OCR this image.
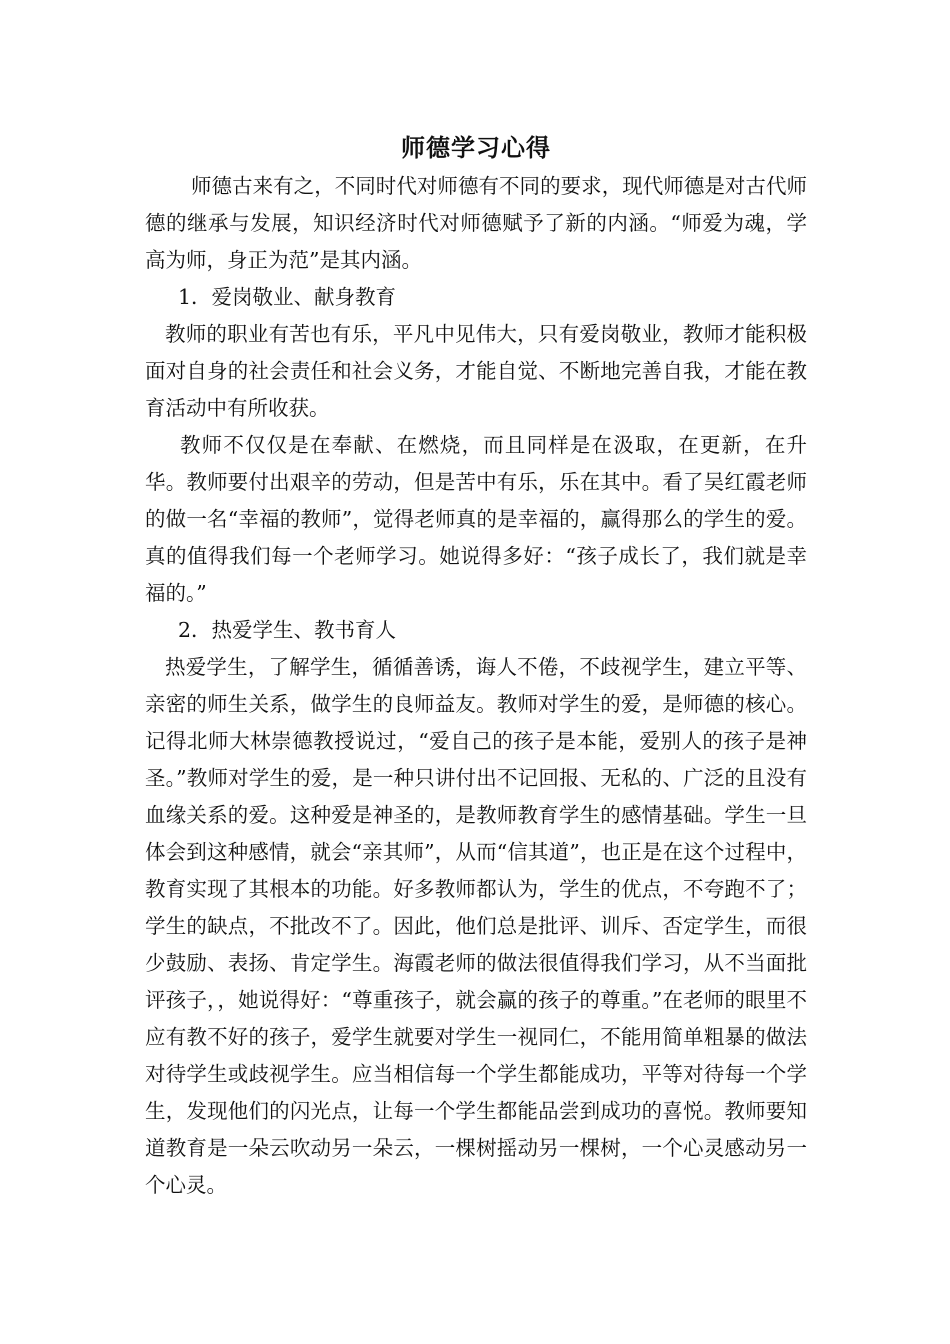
师德学习心得

师德古来有之，不同时代对师德有不同的要求，现代师德是对古代师德的继承与发展，知识经济时代对师德赋予了新的内涵。“师爱为魂，学高为师，身正为范”是其内涵。

1．爱岗敬业、献身教育

教师的职业有苦也有乐，平凡中见伟大，只有爱岗敬业，教师才能积极面对自身的社会责任和社会义务，才能自觉、不断地完善自我，才能在教育活动中有所收获。

教师不仅仅是在奉献、在燃烧，而且同样是在汲取，在更新，在升华。教师要付出艰辛的劳动，但是苦中有乐，乐在其中。看了吴红霞老师的做一名“幸福的教师”，觉得老师真的是幸福的，赢得那么的学生的爱。真的值得我们每一个老师学习。她说得多好：“孩子成长了，我们就是幸福的。”

2．热爱学生、教书育人

热爱学生，了解学生，循循善诱，诲人不倦，不歧视学生，建立平等、亲密的师生关系，做学生的良师益友。教师对学生的爱，是师德的核心。记得北师大林崇德教授说过，“爱自己的孩子是本能，爱别人的孩子是神圣。”教师对学生的爱，是一种只讲付出不记回报、无私的、广泛的且没有血缘关系的爱。这种爱是神圣的，是教师教育学生的感情基础。学生一旦体会到这种感情，就会“亲其师”，从而“信其道”，也正是在这个过程中，教育实现了其根本的功能。好多教师都认为，学生的优点，不夸跑不了；学生的缺点，不批改不了。因此，他们总是批评、训斥、否定学生，而很少鼓励、表扬、肯定学生。海霞老师的做法很值得我们学习，从不当面批评孩子，，她说得好：“尊重孩子，就会赢的孩子的尊重。”在老师的眼里不应有教不好的孩子，爱学生就要对学生一视同仁，不能用简单粗暴的做法对待学生或歧视学生。应当相信每一个学生都能成功，平等对待每一个学生，发现他们的闪光点，让每一个学生都能品尝到成功的喜悦。教师要知道教育是一朵云吹动另一朵云，一棵树摇动另一棵树，一个心灵感动另一个心灵。
